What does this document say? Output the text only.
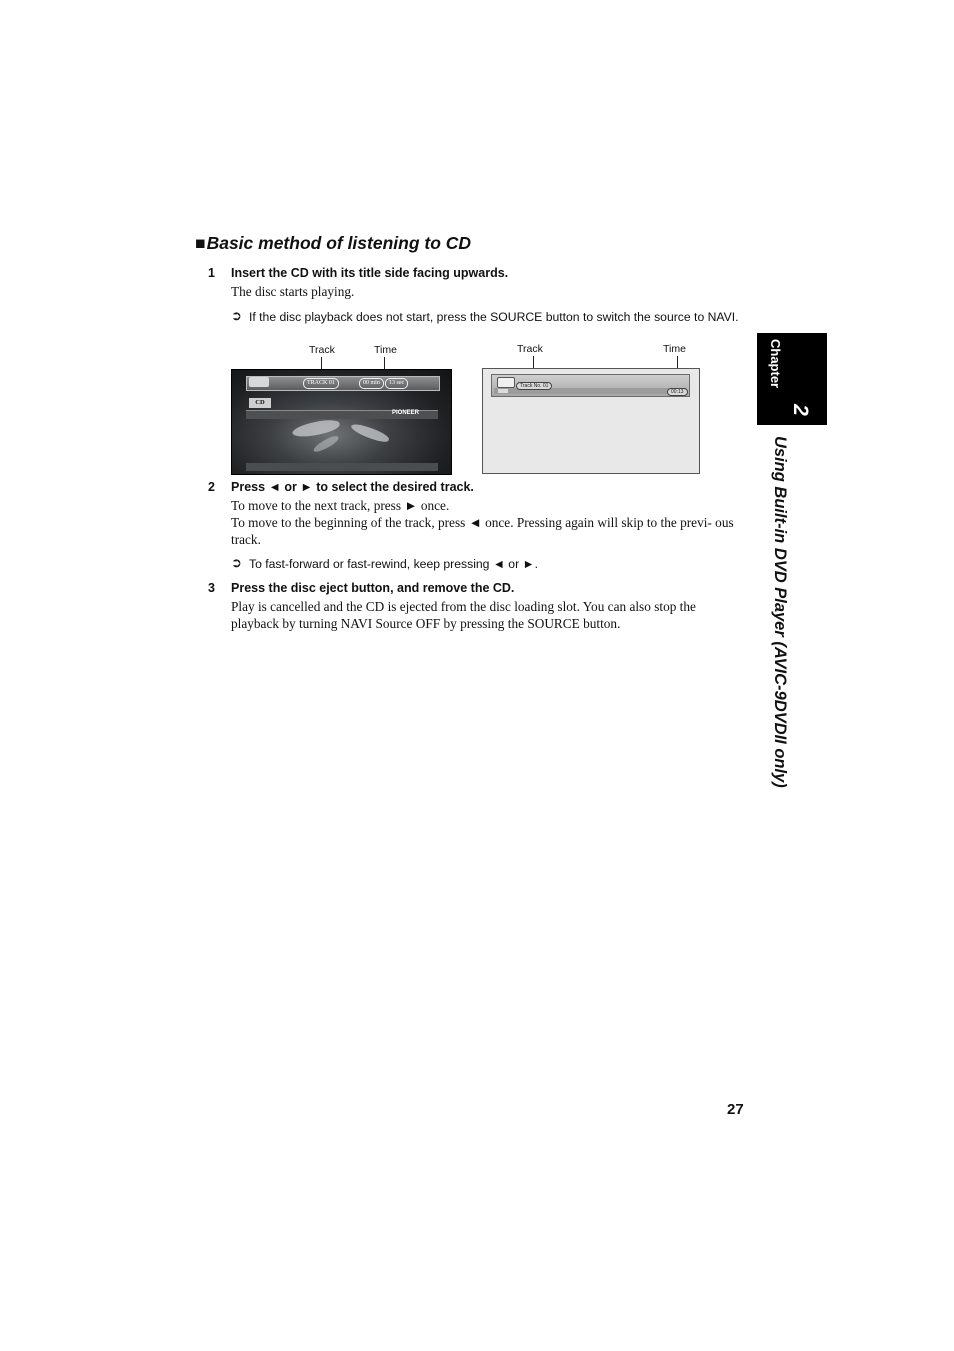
■Basic method of listening to CD
1 Insert the CD with its title side facing upwards.
The disc starts playing.
➲ If the disc playback does not start, press the SOURCE button to switch the source to NAVI.
Track	Time
TRACK 01	00 min	13 sec
CD
PIONEER
Track	Time
Track No. 01
00:13
2 Press ◄ or ► to select the desired track.
To move to the next track, press ► once.
To move to the beginning of the track, press ◄ once. Pressing again will skip to the previ- ous track.
➲ To fast-forward or fast-rewind, keep pressing ◄ or ►.
3 Press the disc eject button, and remove the CD.
Play is cancelled and the CD is ejected from the disc loading slot. You can also stop the playback by turning NAVI Source OFF by pressing the SOURCE button.
Chapter
2
Using Built-in DVD Player (AVIC-9DVDII only)
27
